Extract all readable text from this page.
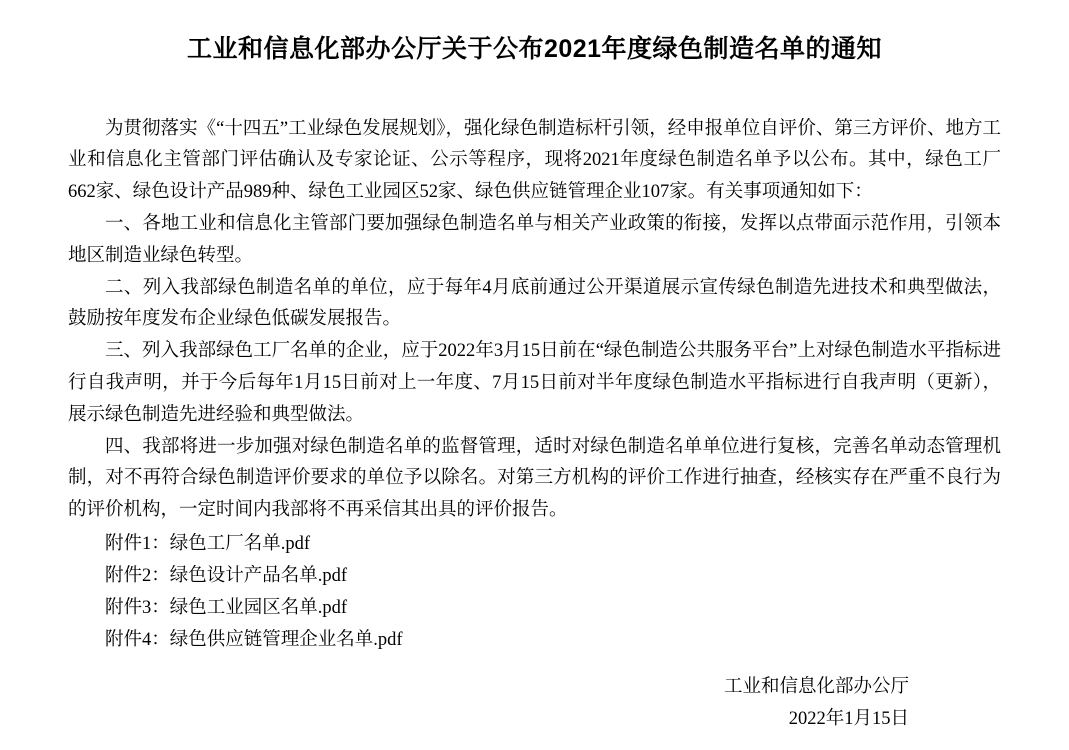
工业和信息化部办公厅关于公布2021年度绿色制造名单的通知

为贯彻落实《“十四五”工业绿色发展规划》，强化绿色制造标杆引领，经申报单位自评价、第三方评价、地方工业和信息化主管部门评估确认及专家论证、公示等程序，现将2021年度绿色制造名单予以公布。其中，绿色工厂662家、绿色设计产品989种、绿色工业园区52家、绿色供应链管理企业107家。有关事项通知如下：

一、各地工业和信息化主管部门要加强绿色制造名单与相关产业政策的衔接，发挥以点带面示范作用，引领本地区制造业绿色转型。

二、列入我部绿色制造名单的单位，应于每年4月底前通过公开渠道展示宣传绿色制造先进技术和典型做法，鼓励按年度发布企业绿色低碳发展报告。

三、列入我部绿色工厂名单的企业，应于2022年3月15日前在“绿色制造公共服务平台”上对绿色制造水平指标进行自我声明，并于今后每年1月15日前对上一年度、7月15日前对半年度绿色制造水平指标进行自我声明（更新），展示绿色制造先进经验和典型做法。

四、我部将进一步加强对绿色制造名单的监督管理，适时对绿色制造名单单位进行复核，完善名单动态管理机制，对不再符合绿色制造评价要求的单位予以除名。对第三方机构的评价工作进行抽查，经核实存在严重不良行为的评价机构，一定时间内我部将不再采信其出具的评价报告。

附件1：绿色工厂名单.pdf

附件2：绿色设计产品名单.pdf

附件3：绿色工业园区名单.pdf

附件4：绿色供应链管理企业名单.pdf

工业和信息化部办公厅
2022年1月15日
